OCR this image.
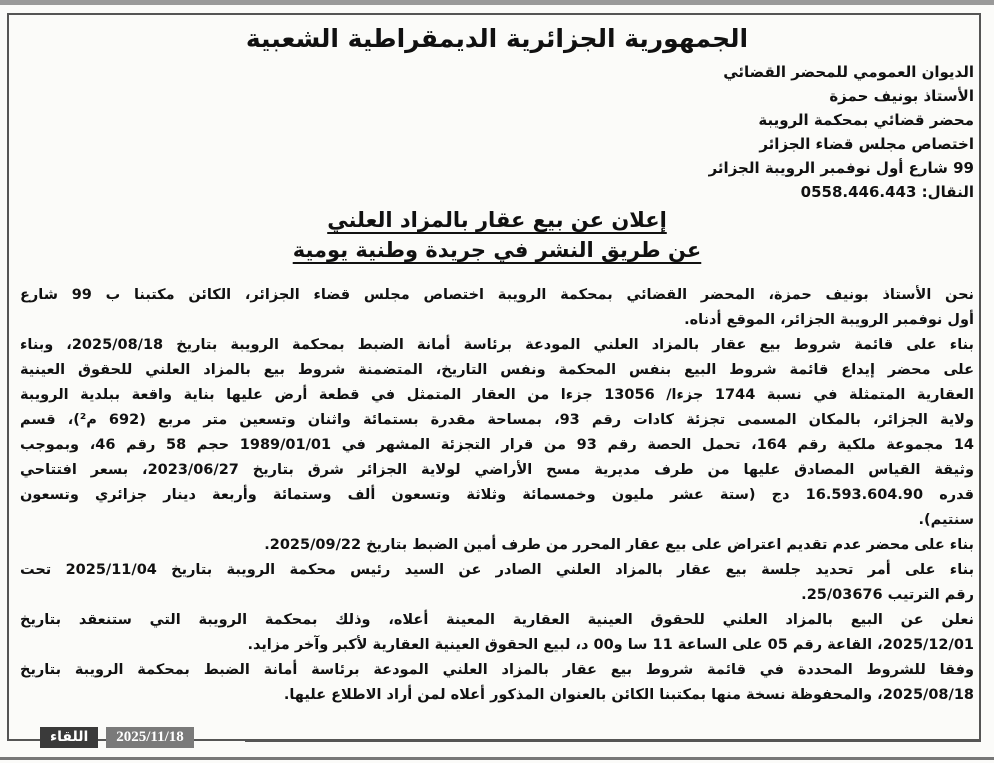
الجمهورية الجزائرية الديمقراطية الشعبية
الديوان العمومي للمحضر القضائي
الأستاذ بونيف حمزة
محضر قضائي بمحكمة الرويبة
اختصاص مجلس قضاء الجزائر
99 شارع أول نوفمبر الرويبة الجزائر
النقال: 0558.446.443
إعلان عن بيع عقار بالمزاد العلني
عن طريق النشر في جريدة وطنية يومية
نحن الأستاذ بونيف حمزة، المحضر القضائي بمحكمة الرويبة اختصاص مجلس قضاء الجزائر، الكائن مكتبنا ب 99 شارع
أول نوفمبر الرويبة الجزائر، الموقع أدناه.
بناء على قائمة شروط بيع عقار بالمزاد العلني المودعة برئاسة أمانة الضبط بمحكمة الرويبة بتاريخ 2025/08/18، وبناء
على محضر إيداع قائمة شروط البيع بنفس المحكمة ونفس التاريخ، المتضمنة شروط بيع بالمزاد العلني للحقوق العينية
العقارية المتمثلة في نسبة 1744 جزءا/ 13056 جزءا من العقار المتمثل في قطعة أرض عليها بناية واقعة ببلدية الرويبة
ولاية الجزائر، بالمكان المسمى تجزئة كادات رقم 93، بمساحة مقدرة بستمائة واثنان وتسعين متر مربع (692 م²)، قسم
14 مجموعة ملكية رقم 164، تحمل الحصة رقم 93 من قرار التجزئة المشهر في 1989/01/01 حجم 58 رقم 46، وبموجب
وثيقة القياس المصادق عليها من طرف مديرية مسح الأراضي لولاية الجزائر شرق بتاريخ 2023/06/27، بسعر افتتاحي
قدره 16.593.604.90 دج (ستة عشر مليون وخمسمائة وثلاثة وتسعون ألف وستمائة وأربعة دينار جزائري وتسعون
سنتيم).
بناء على محضر عدم تقديم اعتراض على بيع عقار المحرر من طرف أمين الضبط بتاريخ 2025/09/22.
بناء على أمر تحديد جلسة بيع عقار بالمزاد العلني الصادر عن السيد رئيس محكمة الرويبة بتاريخ 2025/11/04 تحت
رقم الترتيب 25/03676.
نعلن عن البيع بالمزاد العلني للحقوق العينية العقارية المعينة أعلاه، وذلك بمحكمة الرويبة التي ستنعقد بتاريخ
2025/12/01، القاعة رقم 05 على الساعة 11 سا و00 د، لبيع الحقوق العينية العقارية لأكبر وآخر مزايد.
وفقا للشروط المحددة في قائمة شروط بيع عقار بالمزاد العلني المودعة برئاسة أمانة الضبط بمحكمة الرويبة بتاريخ
2025/08/18، والمحفوظة نسخة منها بمكتبنا الكائن بالعنوان المذكور أعلاه لمن أراد الاطلاع عليها.
اللقاء	2025/11/18
